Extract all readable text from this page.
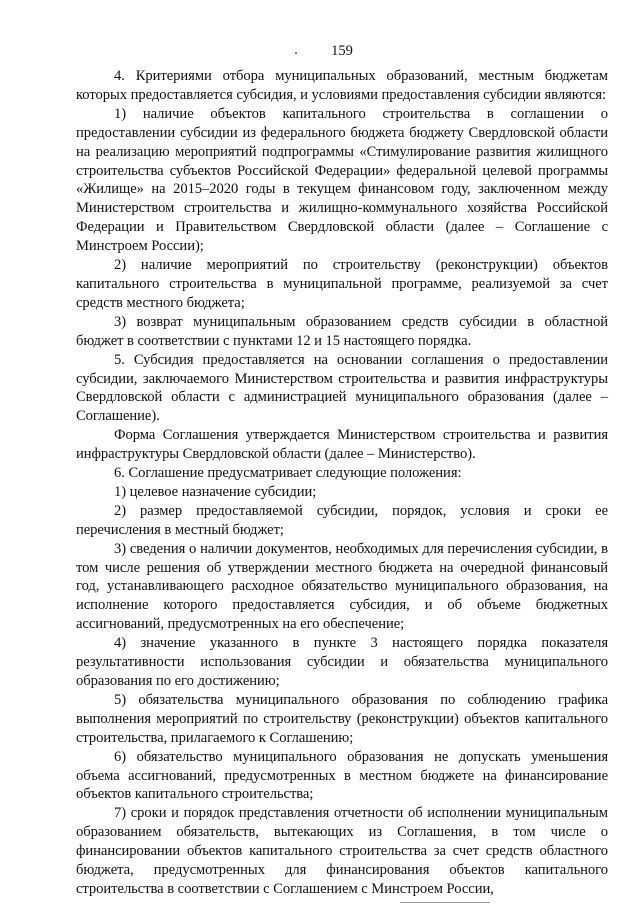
159

4. Критериями отбора муниципальных образований, местным бюджетам которых предоставляется субсидия, и условиями предоставления субсидии являются:

1) наличие объектов капитального строительства в соглашении о предоставлении субсидии из федерального бюджета бюджету Свердловской области на реализацию мероприятий подпрограммы «Стимулирование развития жилищного строительства субъектов Российской Федерации» федеральной целевой программы «Жилище» на 2015–2020 годы в текущем финансовом году, заключенном между Министерством строительства и жилищно-коммунального хозяйства Российской Федерации и Правительством Свердловской области (далее – Соглашение с Минстроем России);

2) наличие мероприятий по строительству (реконструкции) объектов капитального строительства в муниципальной программе, реализуемой за счет средств местного бюджета;

3) возврат муниципальным образованием средств субсидии в областной бюджет в соответствии с пунктами 12 и 15 настоящего порядка.

5. Субсидия предоставляется на основании соглашения о предоставлении субсидии, заключаемого Министерством строительства и развития инфраструктуры Свердловской области с администрацией муниципального образования (далее – Соглашение).

Форма Соглашения утверждается Министерством строительства и развития инфраструктуры Свердловской области (далее – Министерство).

6. Соглашение предусматривает следующие положения:

1) целевое назначение субсидии;

2) размер предоставляемой субсидии, порядок, условия и сроки ее перечисления в местный бюджет;

3) сведения о наличии документов, необходимых для перечисления субсидии, в том числе решения об утверждении местного бюджета на очередной финансовый год, устанавливающего расходное обязательство муниципального образования, на исполнение которого предоставляется субсидия, и об объеме бюджетных ассигнований, предусмотренных на его обеспечение;

4) значение указанного в пункте 3 настоящего порядка показателя результативности использования субсидии и обязательства муниципального образования по его достижению;

5) обязательства муниципального образования по соблюдению графика выполнения мероприятий по строительству (реконструкции) объектов капитального строительства, прилагаемого к Соглашению;

6) обязательство муниципального образования не допускать уменьшения объема ассигнований, предусмотренных в местном бюджете на финансирование объектов капитального строительства;

7) сроки и порядок представления отчетности об исполнении муниципальным образованием обязательств, вытекающих из Соглашения, в том числе о финансировании объектов капитального строительства за счет средств областного бюджета, предусмотренных для финансирования объектов капитального строительства в соответствии с Соглашением с Минстроем России,
